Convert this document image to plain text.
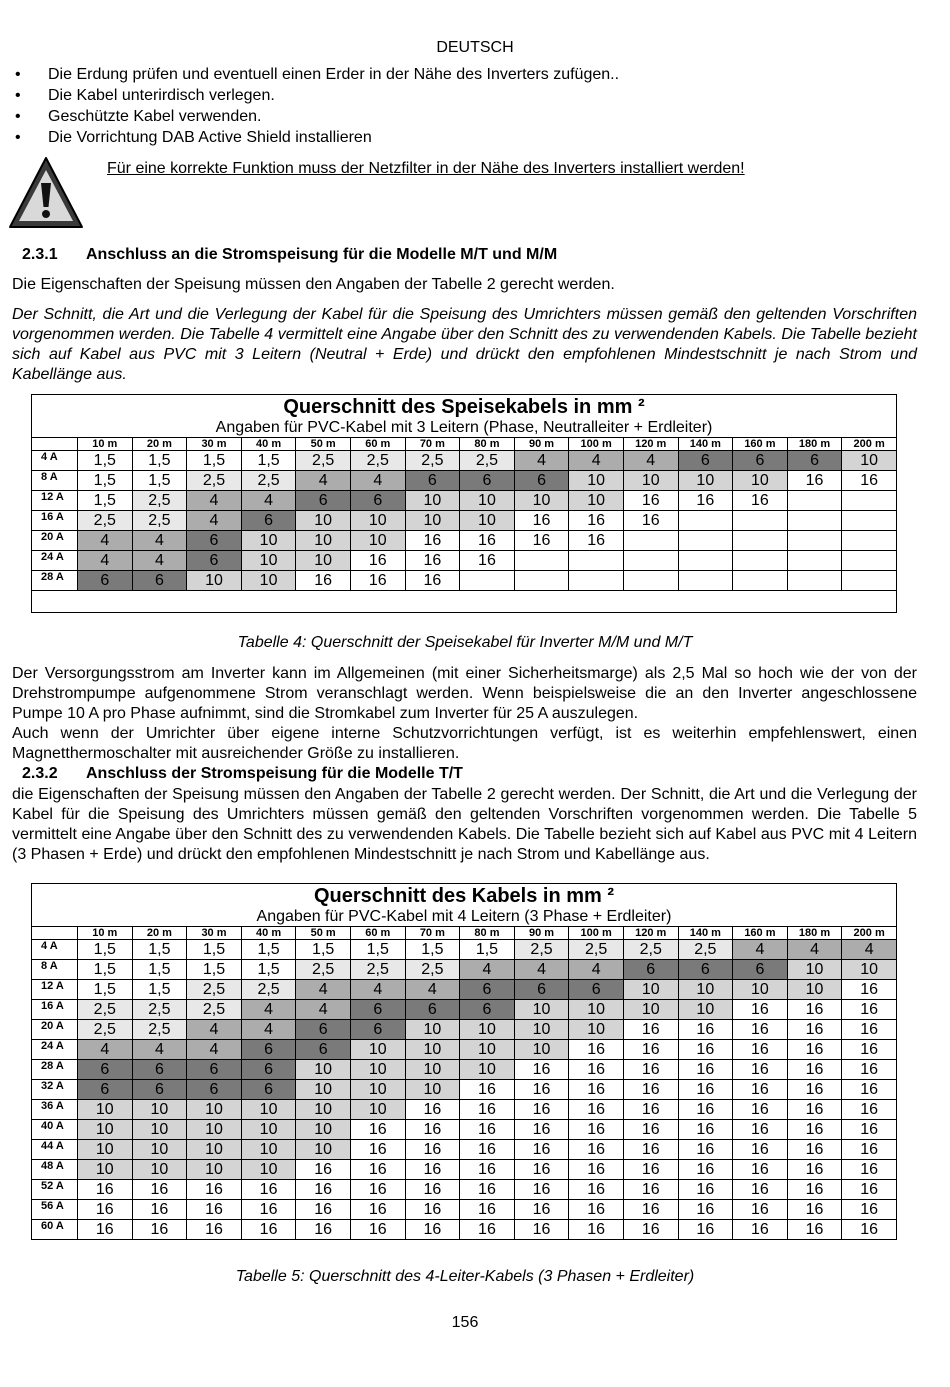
DEUTSCH
• Die Erdung prüfen und eventuell einen Erder in der Nähe des Inverters zufügen..
• Die Kabel unterirdisch verlegen.
• Geschützte Kabel verwenden.
• Die Vorrichtung DAB Active Shield installieren
Für eine korrekte Funktion muss der Netzfilter in der Nähe des Inverters installiert werden!
2.3.1 Anschluss an die Stromspeisung für die Modelle M/T und M/M

Die Eigenschaften der Speisung müssen den Angaben der Tabelle 2 gerecht werden.

Der Schnitt, die Art und die Verlegung der Kabel für die Speisung des Umrichters müssen gemäß den geltenden Vorschriften vorgenommen werden. Die Tabelle 4 vermittelt eine Angabe über den Schnitt des zu verwendenden Kabels. Die Tabelle bezieht sich auf Kabel aus PVC mit 3 Leitern (Neutral + Erde) und drückt den empfohlenen Mindestschnitt je nach Strom und Kabellänge aus.

Querschnitt des Speisekabels in mm ²															
Angaben für PVC-Kabel mit 3 Leitern (Phase, Neutralleiter + Erdleiter)															
	10 m	20 m	30 m	40 m	50 m	60 m	70 m	80 m	90 m	100 m	120 m	140 m	160 m	180 m	200 m
4 A	1,5	1,5	1,5	1,5	2,5	2,5	2,5	2,5	4	4	4	6	6	6	10
8 A	1,5	1,5	2,5	2,5	4	4	6	6	6	10	10	10	10	16	16
12 A	1,5	2,5	4	4	6	6	10	10	10	10	16	16	16		
16 A	2,5	2,5	4	6	10	10	10	10	16	16	16				
20 A	4	4	6	10	10	10	16	16	16	16					
24 A	4	4	6	10	10	16	16	16							
28 A	6	6	10	10	16	16	16								

Tabelle 4: Querschnitt der Speisekabel für Inverter M/M und M/T

Der Versorgungsstrom am Inverter kann im Allgemeinen (mit einer Sicherheitsmarge) als 2,5 Mal so hoch wie der von der Drehstrompumpe aufgenommene Strom veranschlagt werden. Wenn beispielsweise die an den Inverter angeschlossene Pumpe 10 A pro Phase aufnimmt, sind die Stromkabel zum Inverter für 25 A auszulegen.

Auch wenn der Umrichter über eigene interne Schutzvorrichtungen verfügt, ist es weiterhin empfehlenswert, einen Magnetthermoschalter mit ausreichender Größe zu installieren.

2.3.2 Anschluss der Stromspeisung für die Modelle T/T

die Eigenschaften der Speisung müssen den Angaben der Tabelle 2 gerecht werden. Der Schnitt, die Art und die Verlegung der Kabel für die Speisung des Umrichters müssen gemäß den geltenden Vorschriften vorgenommen werden. Die Tabelle 5 vermittelt eine Angabe über den Schnitt des zu verwendenden Kabels. Die Tabelle bezieht sich auf Kabel aus PVC mit 4 Leitern (3 Phasen + Erde) und drückt den empfohlenen Mindestschnitt je nach Strom und Kabellänge aus.

Querschnitt des Kabels in mm ²															
Angaben für PVC-Kabel mit 4 Leitern (3 Phase + Erdleiter)															
	10 m	20 m	30 m	40 m	50 m	60 m	70 m	80 m	90 m	100 m	120 m	140 m	160 m	180 m	200 m
4 A	1,5	1,5	1,5	1,5	1,5	1,5	1,5	1,5	2,5	2,5	2,5	2,5	4	4	4
8 A	1,5	1,5	1,5	1,5	2,5	2,5	2,5	4	4	4	6	6	6	10	10
12 A	1,5	1,5	2,5	2,5	4	4	4	6	6	6	10	10	10	10	16
16 A	2,5	2,5	2,5	4	4	6	6	6	10	10	10	10	16	16	16
20 A	2,5	2,5	4	4	6	6	10	10	10	10	16	16	16	16	16
24 A	4	4	4	6	6	10	10	10	10	16	16	16	16	16	16
28 A	6	6	6	6	10	10	10	10	16	16	16	16	16	16	16
32 A	6	6	6	6	10	10	10	16	16	16	16	16	16	16	16
36 A	10	10	10	10	10	10	16	16	16	16	16	16	16	16	16
40 A	10	10	10	10	10	16	16	16	16	16	16	16	16	16	16
44 A	10	10	10	10	10	16	16	16	16	16	16	16	16	16	16
48 A	10	10	10	10	16	16	16	16	16	16	16	16	16	16	16
52 A	16	16	16	16	16	16	16	16	16	16	16	16	16	16	16
56 A	16	16	16	16	16	16	16	16	16	16	16	16	16	16	16
60 A	16	16	16	16	16	16	16	16	16	16	16	16	16	16	16
Tabelle 5: Querschnitt des 4-Leiter-Kabels (3 Phasen + Erdleiter)
156
